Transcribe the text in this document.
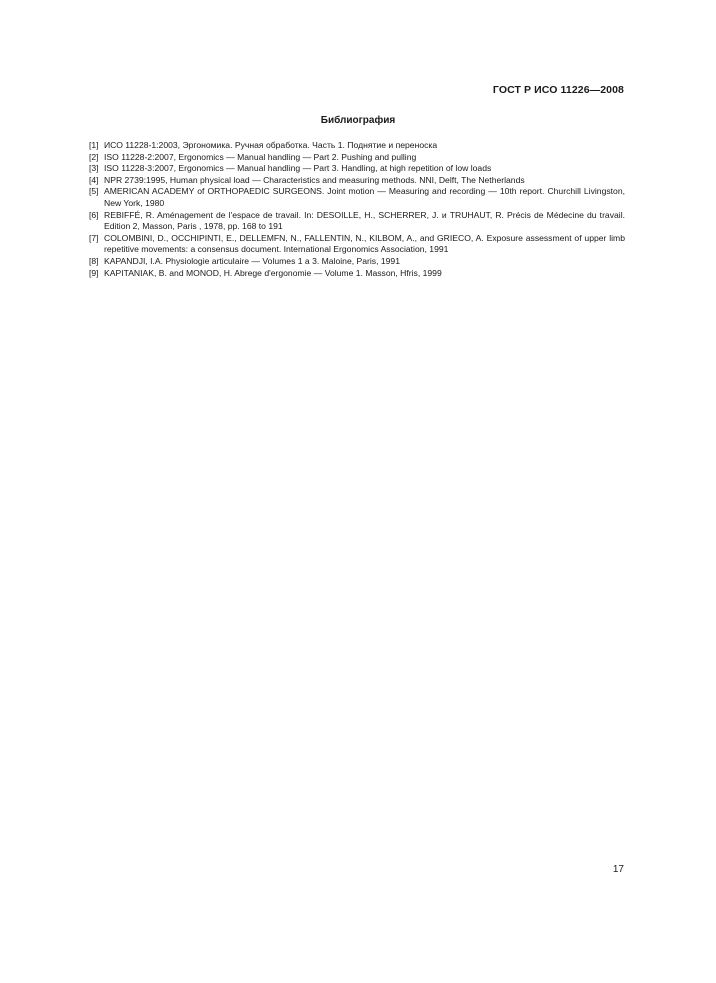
ГОСТ Р ИСО 11226—2008
Библиография
[1] ИСО 11228-1:2003, Эргономика. Ручная обработка. Часть 1. Поднятие и переноска
[2] ISO 11228-2:2007, Ergonomics — Manual handling — Part 2. Pushing and pulling
[3] ISO 11228-3:2007, Ergonomics — Manual handling — Part 3. Handling, at high repetition of low loads
[4] NPR 2739:1995, Human physical load — Characteristics and measuring methods. NNI, Delft, The Netherlands
[5] AMERICAN ACADEMY of ORTHOPAEDIC SURGEONS. Joint motion — Measuring and recording — 10th report. Churchill Livingston, New York, 1980
[6] REBIFFÉ, R. Aménagement de l'espace de travail. In: DESOILLE, H., SCHERRER, J. и TRUHAUT, R. Précis de Médecine du travail. Edition 2, Masson, Paris , 1978, pp. 168 to 191
[7] COLOMBINI, D., OCCHIPINTI, E., DELLEMFN, N., FALLENTIN, N., KILBOM, A., and GRIECO, A. Exposure assessment of upper limb repetitive movements: a consensus document. International Ergonomics Association, 1991
[8] KAPANDJI, I.A. Physiologie articulaire — Volumes 1 a 3. Maloine, Paris, 1991
[9] KAPITANIAK, B. and MONOD, H. Abrege d'ergonomie — Volume 1. Masson, Hfris, 1999
17
